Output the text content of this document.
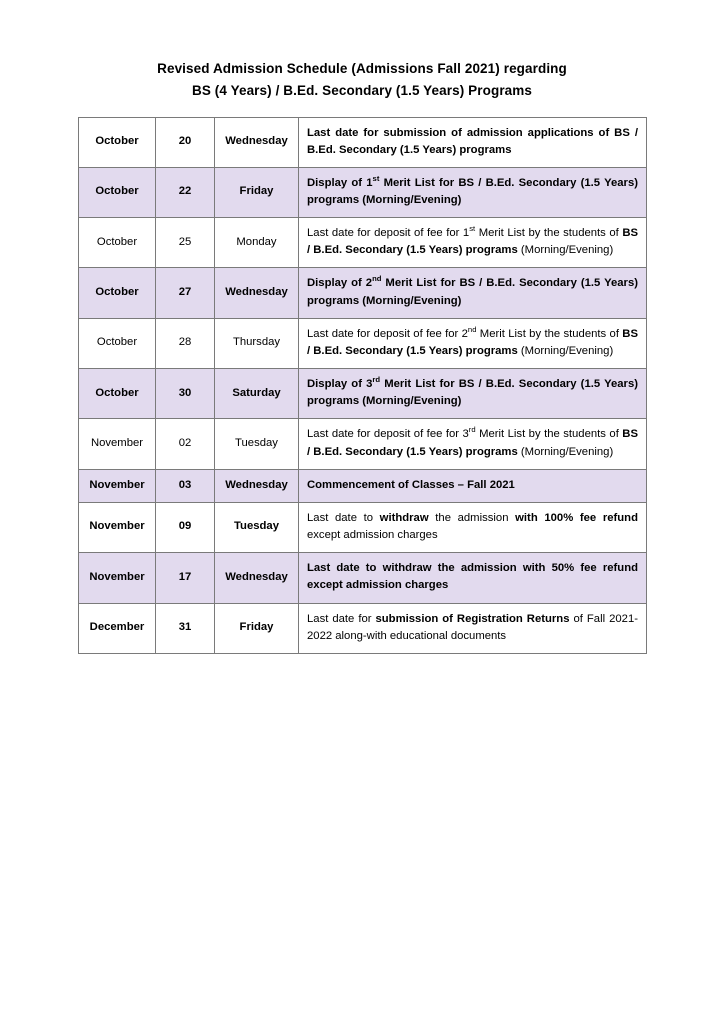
Revised Admission Schedule (Admissions Fall 2021) regarding
BS (4 Years) / B.Ed. Secondary (1.5 Years) Programs
October	20	Wednesday	Last date for submission of admission applications of BS / B.Ed. Secondary (1.5 Years) programs
October	22	Friday	Display of 1st Merit List for BS / B.Ed. Secondary (1.5 Years) programs (Morning/Evening)
October	25	Monday	Last date for deposit of fee for 1st Merit List by the students of BS / B.Ed. Secondary (1.5 Years) programs (Morning/Evening)
October	27	Wednesday	Display of 2nd Merit List for BS / B.Ed. Secondary (1.5 Years) programs (Morning/Evening)
October	28	Thursday	Last date for deposit of fee for 2nd Merit List by the students of BS / B.Ed. Secondary (1.5 Years) programs (Morning/Evening)
October	30	Saturday	Display of 3rd Merit List for BS / B.Ed. Secondary (1.5 Years) programs (Morning/Evening)
November	02	Tuesday	Last date for deposit of fee for 3rd Merit List by the students of BS / B.Ed. Secondary (1.5 Years) programs (Morning/Evening)
November	03	Wednesday	Commencement of Classes – Fall 2021
November	09	Tuesday	Last date to withdraw the admission with 100% fee refund except admission charges
November	17	Wednesday	Last date to withdraw the admission with 50% fee refund except admission charges
December	31	Friday	Last date for submission of Registration Returns of Fall 2021-2022 along-with educational documents
